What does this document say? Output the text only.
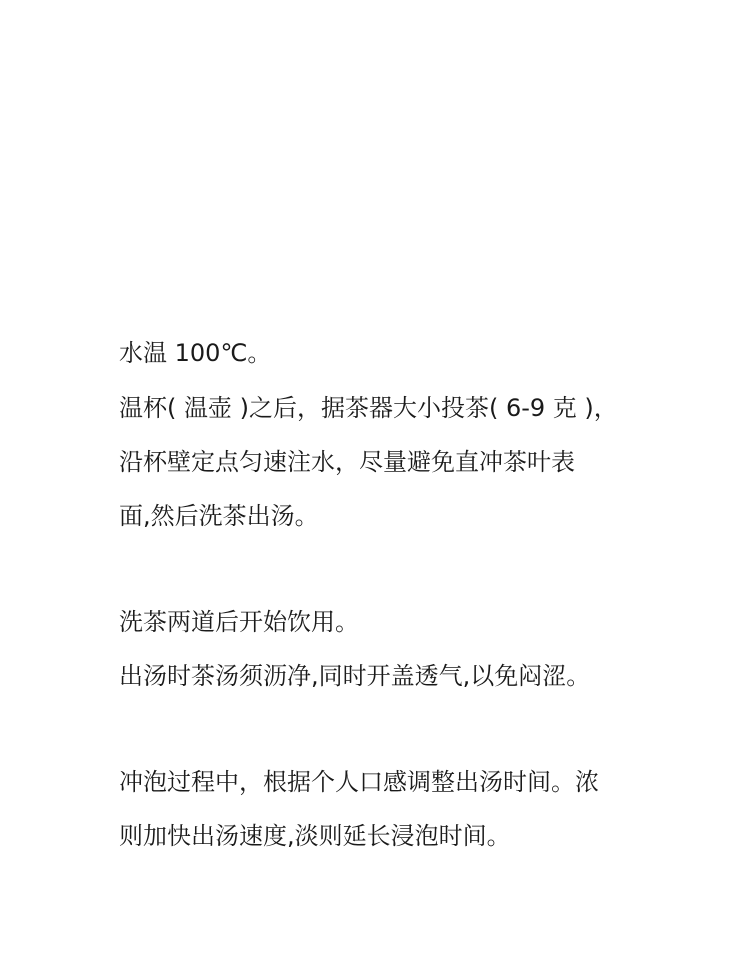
水温 100℃。
温杯( 温壶 )之后，据茶器大小投茶( 6-9 克 )，
沿杯壁定点匀速注水，尽量避免直冲茶叶表
面,然后洗茶出汤。
洗茶两道后开始饮用。
出汤时茶汤须沥净,同时开盖透气,以免闷涩。
冲泡过程中，根据个人口感调整出汤时间。浓
则加快出汤速度,淡则延长浸泡时间。
